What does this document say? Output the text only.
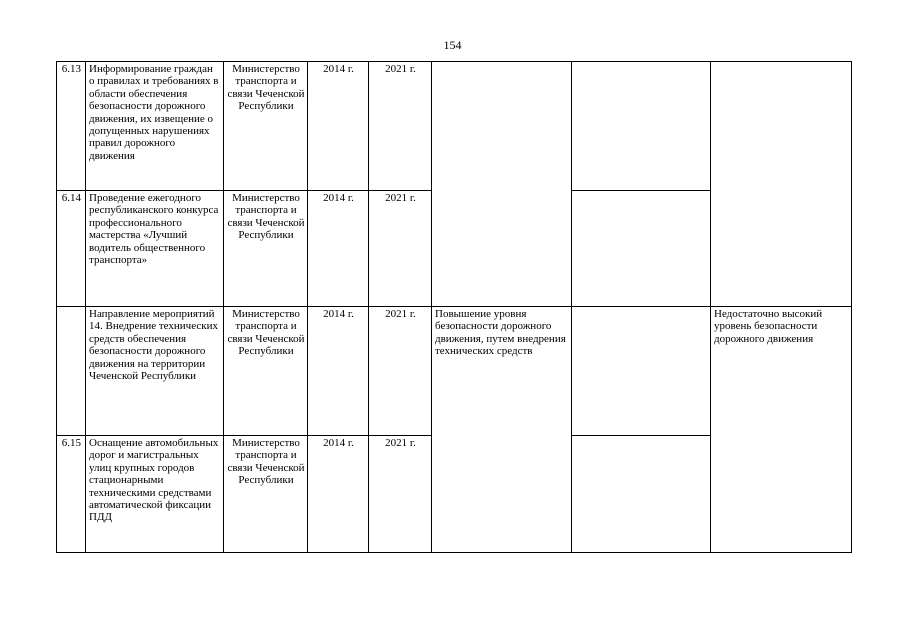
154
6.13	Информирование граждан о правилах и требованиях в области обеспечения безопасности дорожного движения, их извещение о допущенных нарушениях правил дорожного движения	Министерство транспорта и связи Чеченской Республики	2014 г.	2021 г.			
6.14	Проведение ежегодного республиканского конкурса профессионального мастерства «Лучший водитель общественного транспорта»	Министерство транспорта и связи Чеченской Республики	2014 г.	2021 г.			
	Направление мероприятий 14. Внедрение технических средств обеспечения безопасности дорожного движения на территории Чеченской Республики	Министерство транспорта и связи Чеченской Республики	2014 г.	2021 г.	Повышение уровня безопасности дорожного движения, путем внедрения технических средств		Недостаточно высокий уровень безопасности дорожного движения
6.15	Оснащение автомобильных дорог и магистральных улиц крупных городов стационарными техническими средствами автоматической фиксации ПДД	Министерство транспорта и связи Чеченской Республики	2014 г.	2021 г.			
